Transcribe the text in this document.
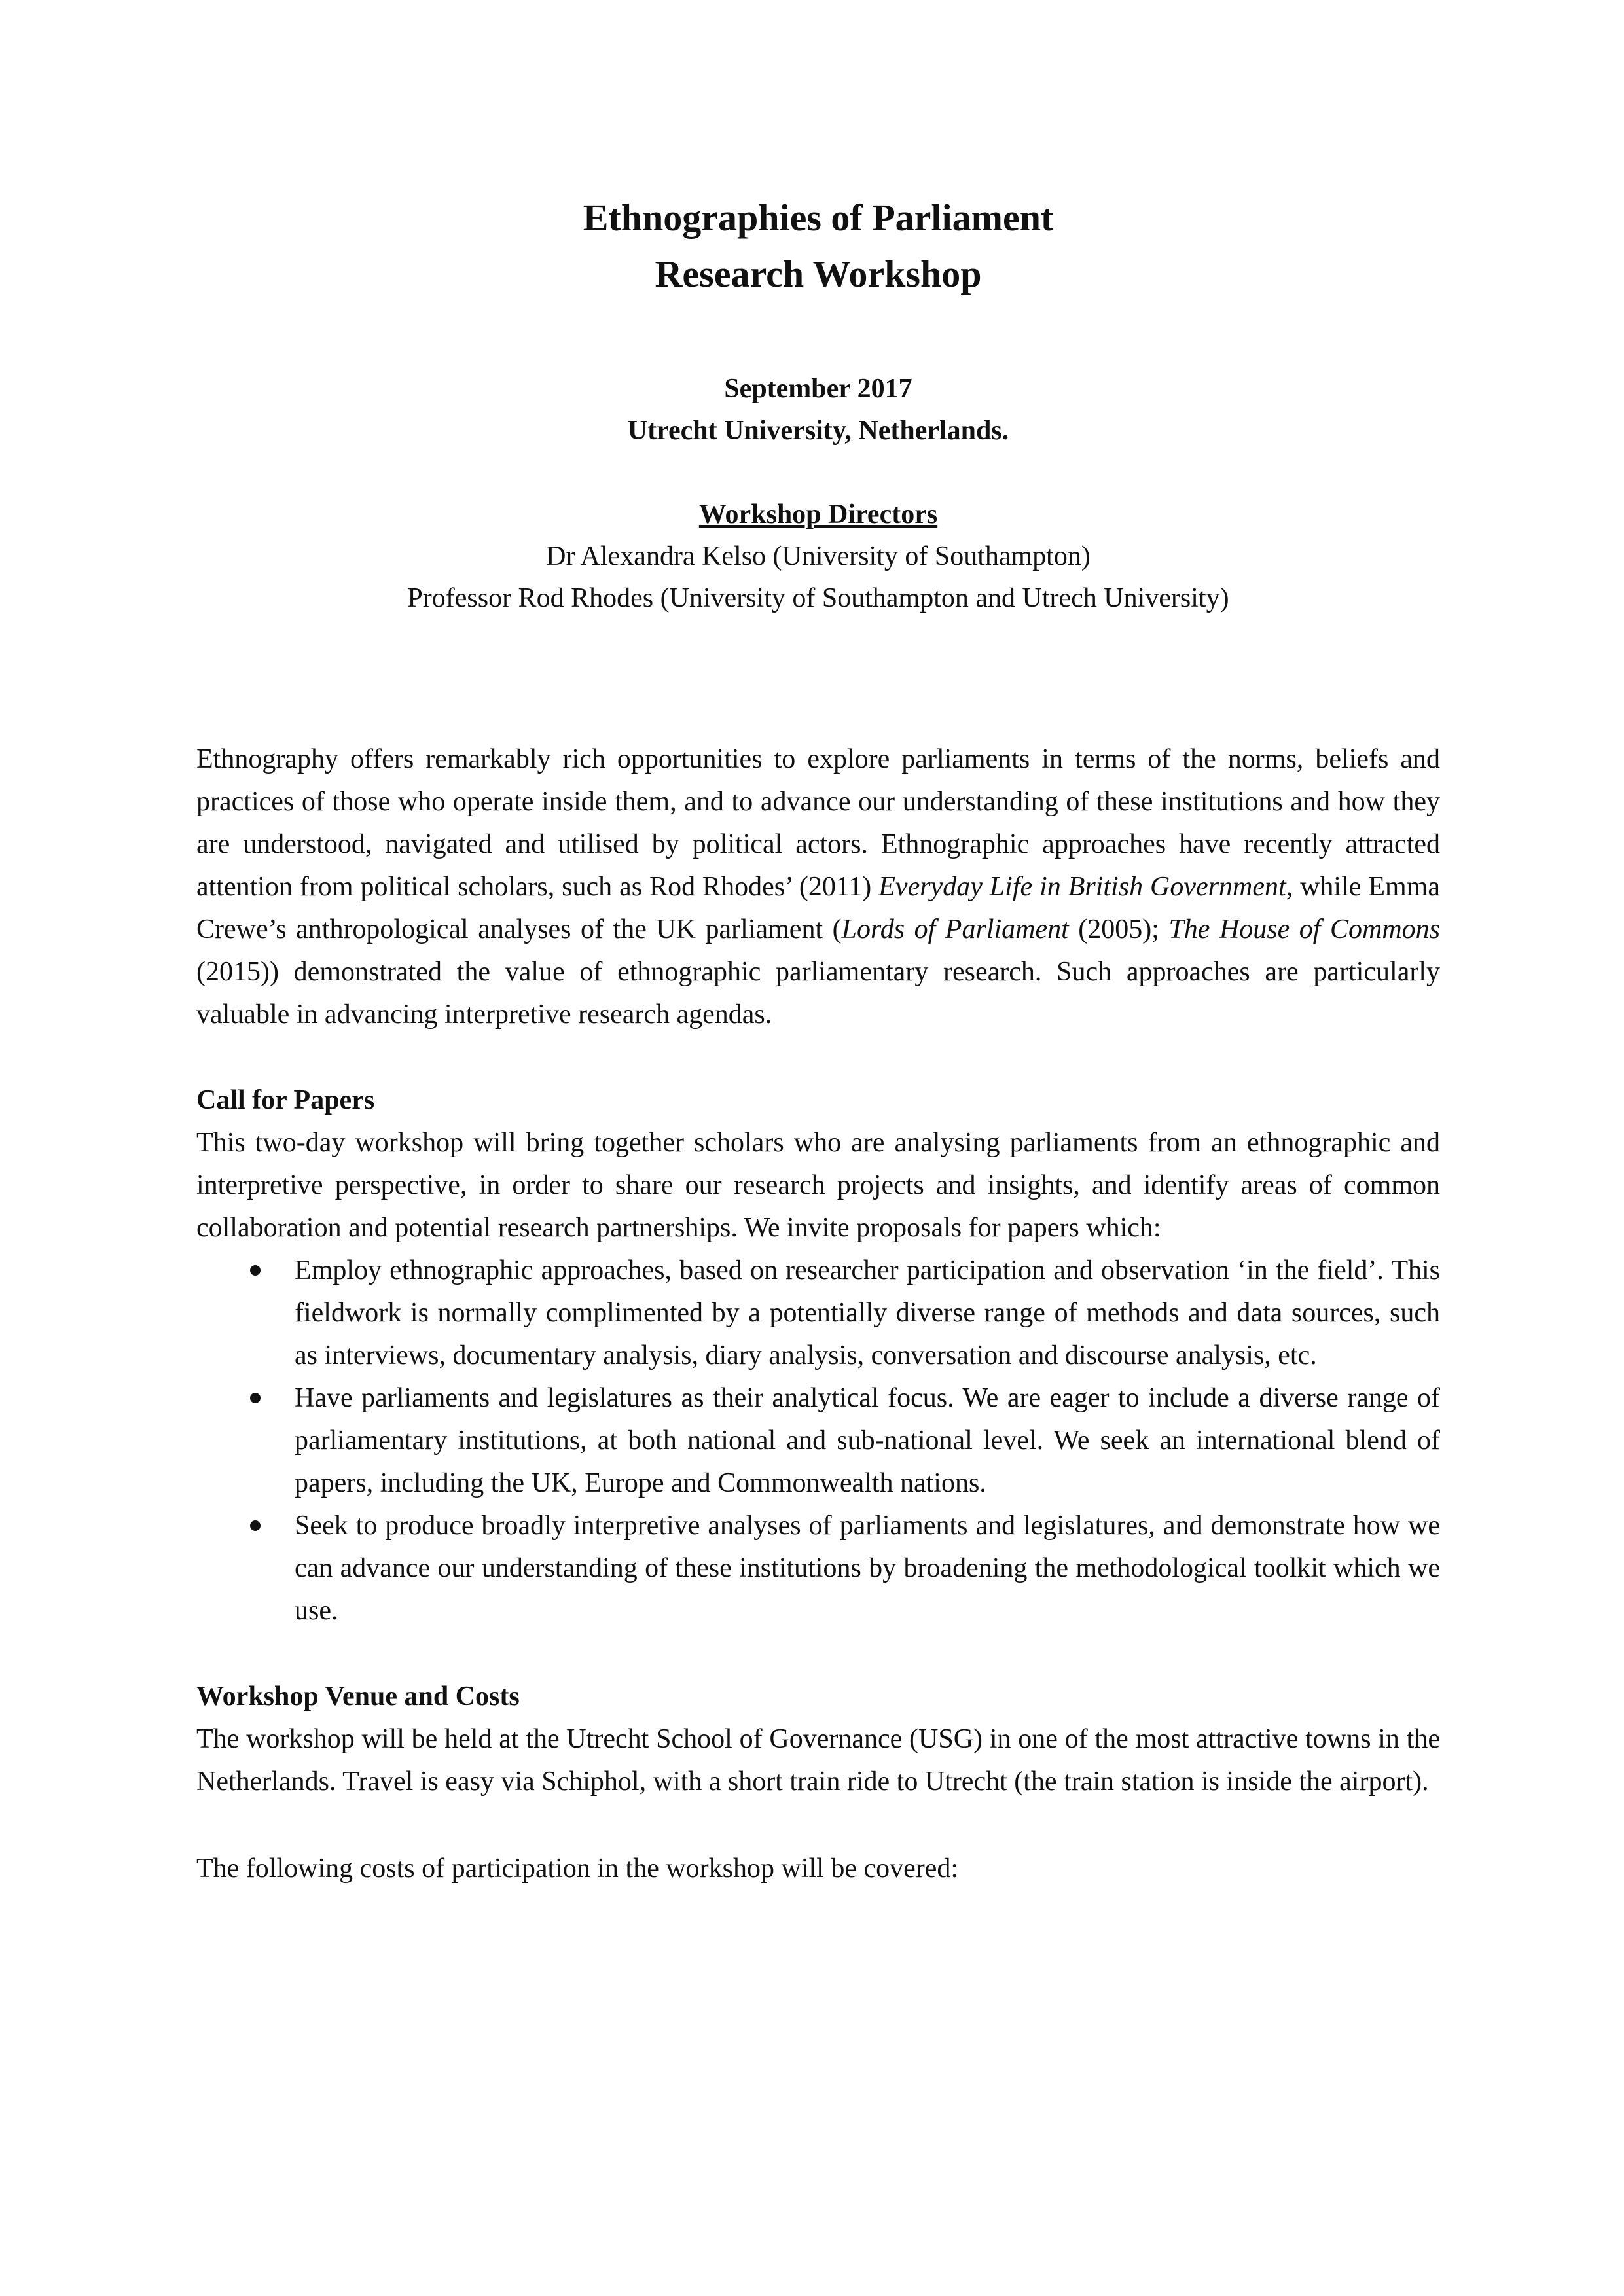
Ethnographies of Parliament

Research Workshop

September 2017

Utrecht University, Netherlands.

Workshop Directors

Dr Alexandra Kelso (University of Southampton)

Professor Rod Rhodes (University of Southampton and Utrech University)

Ethnography offers remarkably rich opportunities to explore parliaments in terms of the norms, beliefs and practices of those who operate inside them, and to advance our understanding of these institutions and how they are understood, navigated and utilised by political actors. Ethnographic approaches have recently attracted attention from political scholars, such as Rod Rhodes’ (2011) Everyday Life in British Government, while Emma Crewe’s anthropological analyses of the UK parliament (Lords of Parliament (2005); The House of Commons (2015)) demonstrated the value of ethnographic parliamentary research. Such approaches are particularly valuable in advancing interpretive research agendas.

Call for Papers

This two-day workshop will bring together scholars who are analysing parliaments from an ethnographic and interpretive perspective, in order to share our research projects and insights, and identify areas of common collaboration and potential research partnerships. We invite proposals for papers which:

Employ ethnographic approaches, based on researcher participation and observation ‘in the field’. This fieldwork is normally complimented by a potentially diverse range of methods and data sources, such as interviews, documentary analysis, diary analysis, conversation and discourse analysis, etc.
Have parliaments and legislatures as their analytical focus. We are eager to include a diverse range of parliamentary institutions, at both national and sub-national level. We seek an international blend of papers, including the UK, Europe and Commonwealth nations.
Seek to produce broadly interpretive analyses of parliaments and legislatures, and demonstrate how we can advance our understanding of these institutions by broadening the methodological toolkit which we use.

Workshop Venue and Costs

The workshop will be held at the Utrecht School of Governance (USG) in one of the most attractive towns in the Netherlands. Travel is easy via Schiphol, with a short train ride to Utrecht (the train station is inside the airport).

The following costs of participation in the workshop will be covered:
